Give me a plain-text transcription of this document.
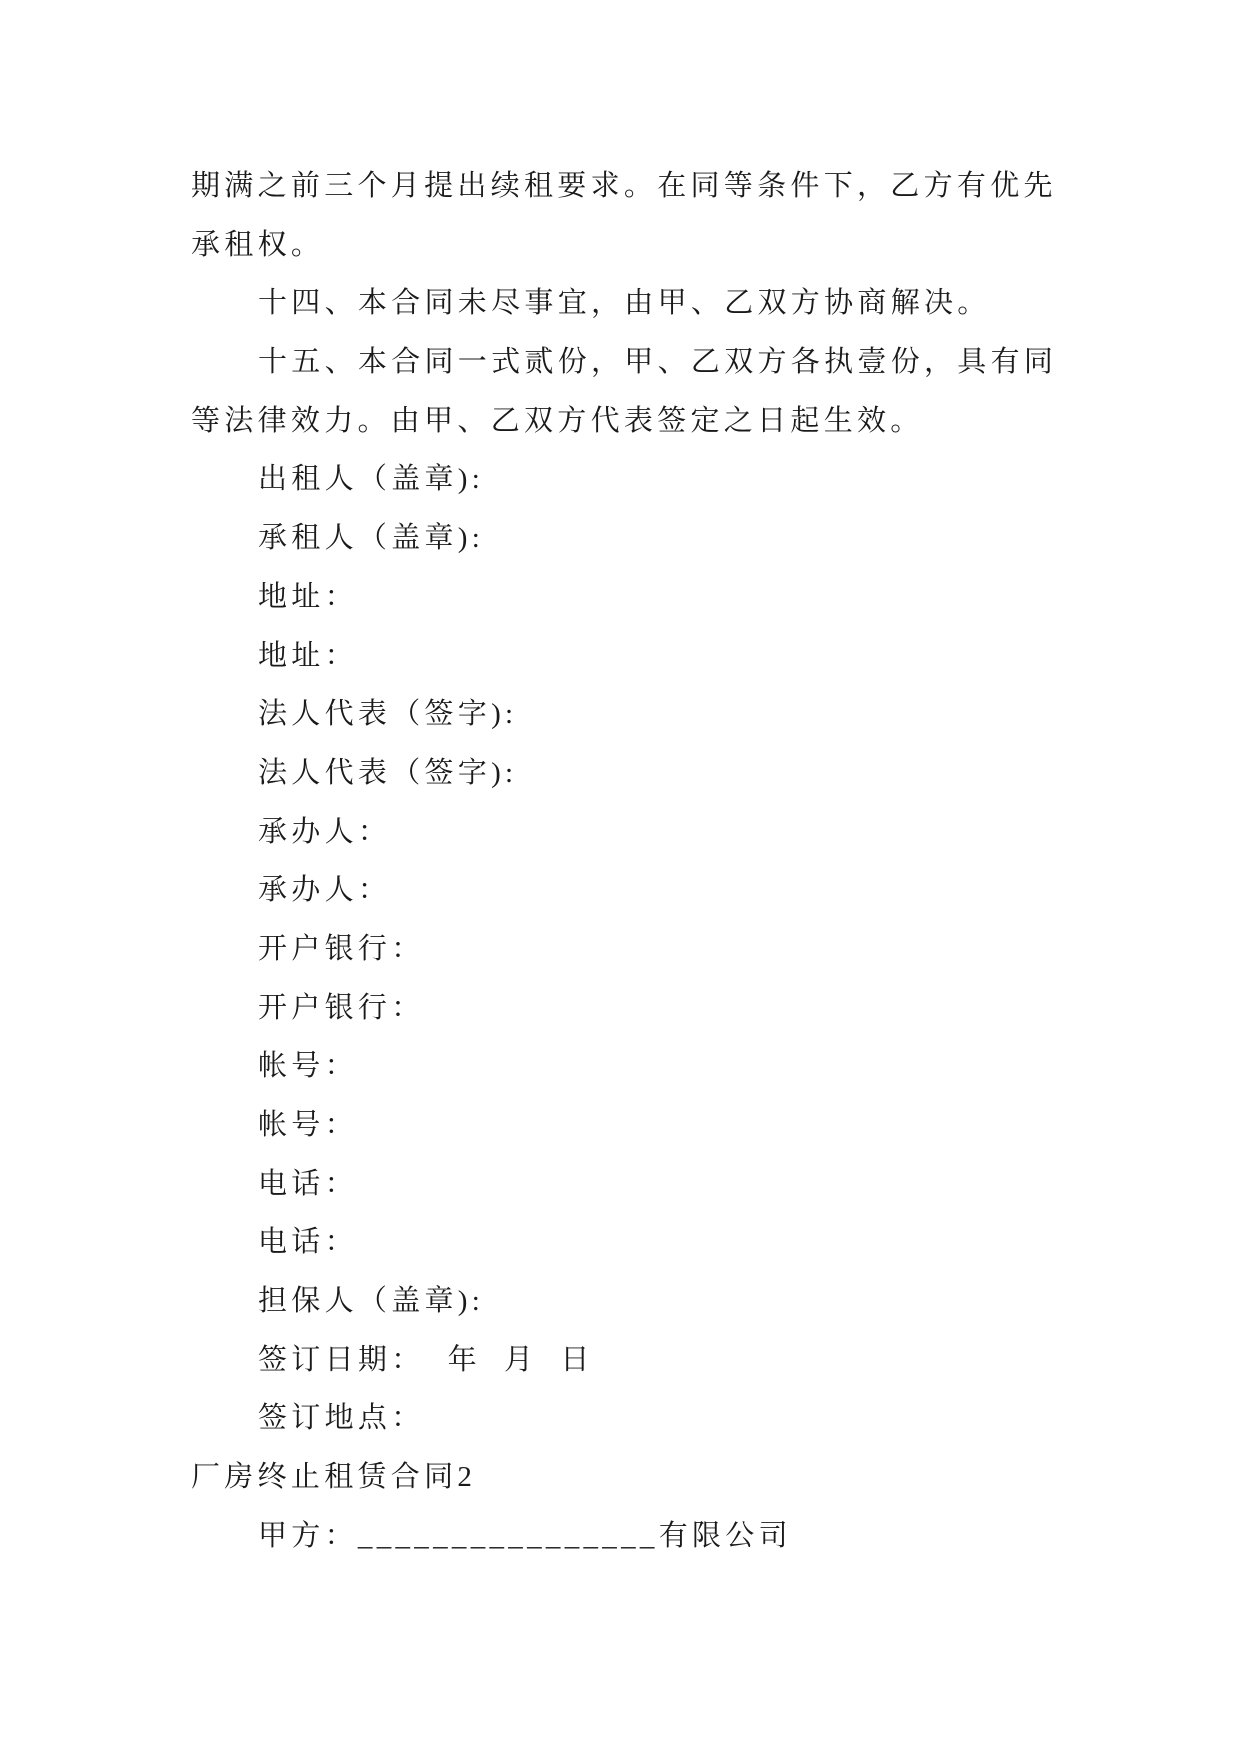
期满之前三个月提出续租要求。在同等条件下，乙方有优先
承租权。
十四、本合同未尽事宜，由甲、乙双方协商解决。
十五、本合同一式贰份，甲、乙双方各执壹份，具有同
等法律效力。由甲、乙双方代表签定之日起生效。
出租人（盖章):
承租人（盖章):
地址：
地址：
法人代表（签字):
法人代表（签字):
承办人：
承办人：
开户银行：
开户银行：
帐号：
帐号：
电话：
电话：
担保人（盖章):
签订日期：  年  月  日
签订地点：
厂房终止租赁合同2
甲方：________________有限公司
